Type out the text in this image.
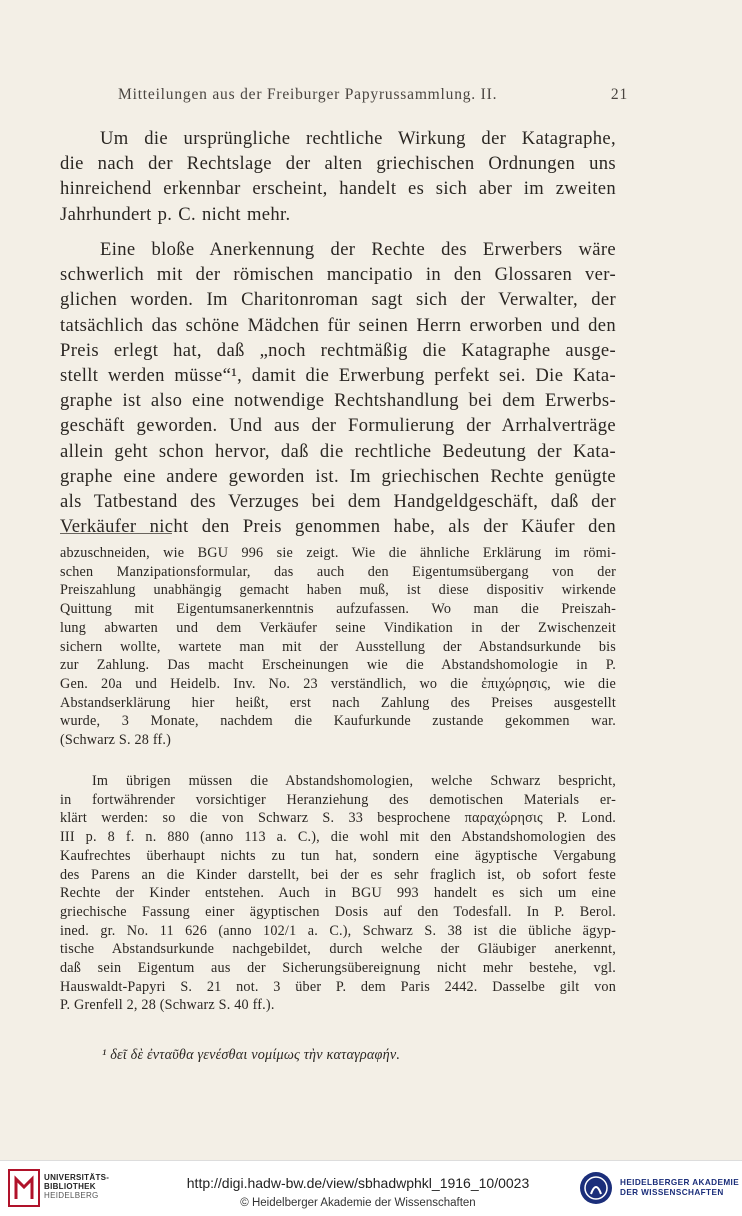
Mitteilungen aus der Freiburger Papyrussammlung. II.	21
Um die ursprüngliche rechtliche Wirkung der Katagraphe,
die nach der Rechtslage der alten griechischen Ordnungen uns
hinreichend erkennbar erscheint, handelt es sich aber im zweiten
Jahrhundert p. C. nicht mehr.
Eine bloße Anerkennung der Rechte des Erwerbers wäre
schwerlich mit der römischen mancipatio in den Glossaren ver-
glichen worden. Im Charitonroman sagt sich der Verwalter, der
tatsächlich das schöne Mädchen für seinen Herrn erworben und den
Preis erlegt hat, daß „noch rechtmäßig die Katagraphe ausge-
stellt werden müsse“¹, damit die Erwerbung perfekt sei. Die Kata-
graphe ist also eine notwendige Rechtshandlung bei dem Erwerbs-
geschäft geworden. Und aus der Formulierung der Arrhalverträge
allein geht schon hervor, daß die rechtliche Bedeutung der Kata-
graphe eine andere geworden ist. Im griechischen Rechte genügte
als Tatbestand des Verzuges bei dem Handgeldgeschäft, daß der
Verkäufer nicht den Preis genommen habe, als der Käufer den
abzuschneiden, wie BGU 996 sie zeigt. Wie die ähnliche Erklärung im römi-
schen Manzipationsformular, das auch den Eigentumsübergang von der
Preiszahlung unabhängig gemacht haben muß, ist diese dispositiv wirkende
Quittung mit Eigentumsanerkenntnis aufzufassen. Wo man die Preiszah-
lung abwarten und dem Verkäufer seine Vindikation in der Zwischenzeit
sichern wollte, wartete man mit der Ausstellung der Abstandsurkunde bis
zur Zahlung. Das macht Erscheinungen wie die Abstandshomologie in P.
Gen. 20a und Heidelb. Inv. No. 23 verständlich, wo die ἐπιχώρησις, wie die
Abstandserklärung hier heißt, erst nach Zahlung des Preises ausgestellt
wurde, 3 Monate, nachdem die Kaufurkunde zustande gekommen war.
(Schwarz S. 28 ff.)
Im übrigen müssen die Abstandshomologien, welche Schwarz bespricht,
in fortwährender vorsichtiger Heranziehung des demotischen Materials er-
klärt werden: so die von Schwarz S. 33 besprochene παραχώρησις P. Lond.
III p. 8 f. n. 880 (anno 113 a. C.), die wohl mit den Abstandshomologien des
Kaufrechtes überhaupt nichts zu tun hat, sondern eine ägyptische Vergabung
des Parens an die Kinder darstellt, bei der es sehr fraglich ist, ob sofort feste
Rechte der Kinder entstehen. Auch in BGU 993 handelt es sich um eine
griechische Fassung einer ägyptischen Dosis auf den Todesfall. In P. Berol.
ined. gr. No. 11 626 (anno 102/1 a. C.), Schwarz S. 38 ist die übliche ägyp-
tische Abstandsurkunde nachgebildet, durch welche der Gläubiger anerkennt,
daß sein Eigentum aus der Sicherungsübereignung nicht mehr bestehe, vgl.
Hauswaldt-Papyri S. 21 not. 3 über P. dem Paris 2442. Dasselbe gilt von
P. Grenfell 2, 28 (Schwarz S. 40 ff.).
¹ δεῖ δὲ ἐνταῦθα γενέσθαι νομίμως τὴν καταγραφήν.
UNIVERSITÄTS-
BIBLIOTHEK
HEIDELBERG
http://digi.hadw-bw.de/view/sbhadwphkl_1916_10/0023
© Heidelberger Akademie der Wissenschaften
HEIDELBERGER AKADEMIE
DER WISSENSCHAFTEN
